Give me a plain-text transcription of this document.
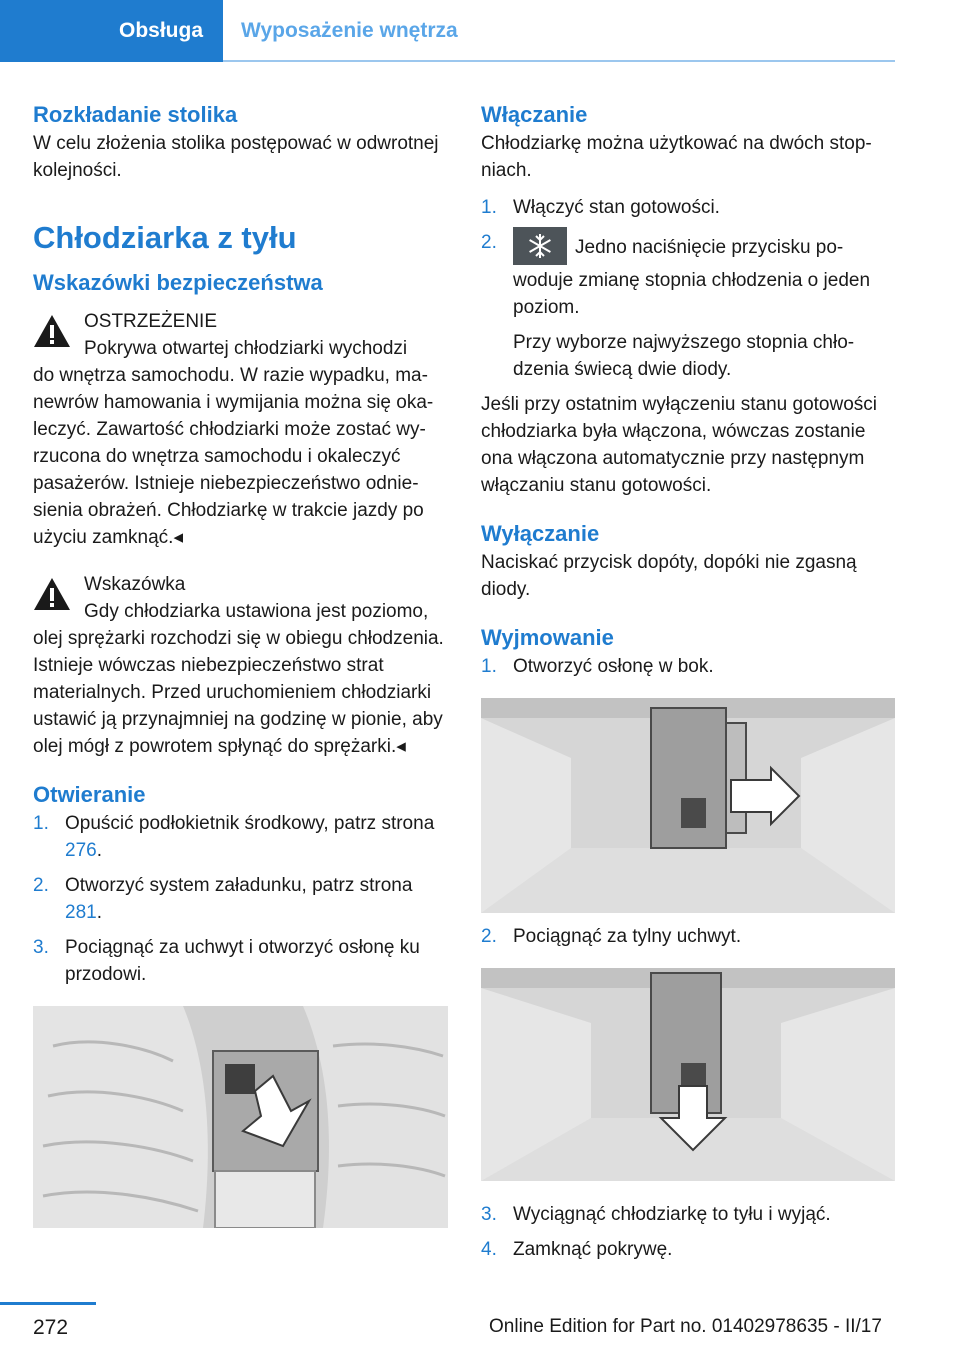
Obsługa	Wyposażenie wnętrza
Rozkładanie stolika

W celu złożenia stolika postępować w odwrotnej kolejności.

Chłodziarka z tyłu
Wskazówki bezpieczeństwa

OSTRZEŻENIE

Pokrywa otwartej chłodziarki wychodzi

do wnętrza samochodu. W razie wypadku, manewrów hamowania i wymijania można się okaleczyć. Zawartość chłodziarki może zostać wyrzucona do wnętrza samochodu i okaleczyć pasażerów. Istnieje niebezpieczeństwo odniesienia obrażeń. Chłodziarkę w trakcie jazdy po użyciu zamknąć.◂

Wskazówka

Gdy chłodziarka ustawiona jest poziomo,

olej sprężarki rozchodzi się w obiegu chłodzenia. Istnieje wówczas niebezpieczeństwo strat materialnych. Przed uruchomieniem chłodziarki ustawić ją przynajmniej na godzinę w pionie, aby olej mógł z powrotem spłynąć do sprężarki.◂

Otwieranie
1. Opuścić podłokietnik środkowy, patrz strona 276.
2. Otworzyć system załadunku, patrz strona 281.
3. Pociągnąć za uchwyt i otworzyć osłonę ku przodowi.
Włączanie

Chłodziarkę można użytkować na dwóch stopniach.

1. Włączyć stan gotowości.
2.	Jedno naciśnięcie przycisku powoduje zmianę stopnia chłodzenia o jeden poziom.

Przy wyborze najwyższego stopnia chłodzenia świecą dwie diody.

Jeśli przy ostatnim wyłączeniu stanu gotowości chłodziarka była włączona, wówczas zostanie ona włączona automatycznie przy następnym włączaniu stanu gotowości.

Wyłączanie

Naciskać przycisk dopóty, dopóki nie zgasną diody.

Wyjmowanie
1. Otworzyć osłonę w bok.
2. Pociągnąć za tylny uchwyt.
3. Wyciągnąć chłodziarkę to tyłu i wyjąć.
4. Zamknąć pokrywę.
272	Online Edition for Part no. 01402978635 - II/17
